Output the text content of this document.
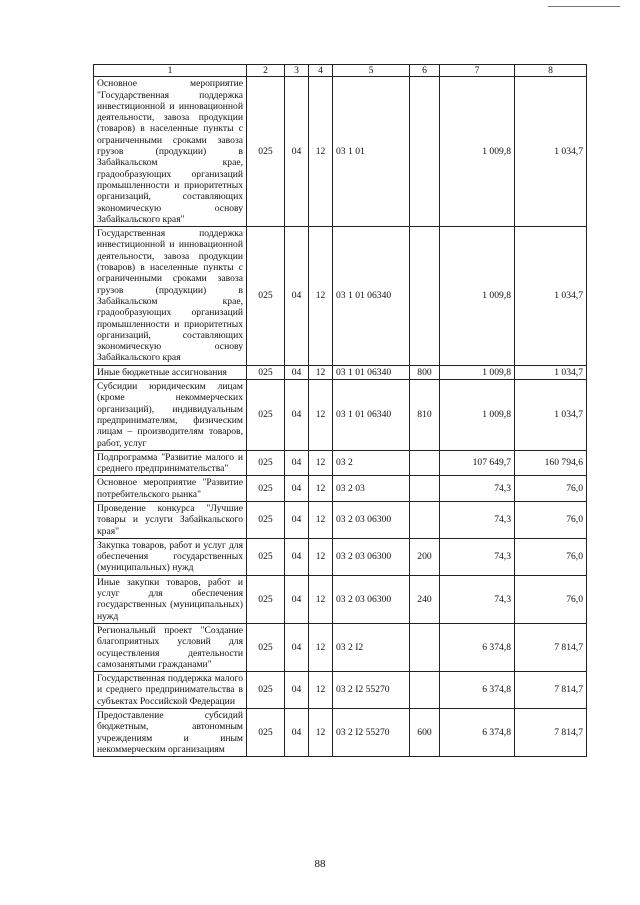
1	2	3	4	5	6	7	8
Основное мероприятие "Государственная поддержка инвестиционной и инновационной деятельности, завоза продукции (товаров) в населенные пункты с ограниченными сроками завоза грузов (продукции) в Забайкальском крае, градообразующих организаций промышленности и приоритетных организаций, составляющих экономическую основу Забайкальского края"	025	04	12	03 1 01		1 009,8	1 034,7
Государственная поддержка инвестиционной и инновационной деятельности, завоза продукции (товаров) в населенные пункты с ограниченными сроками завоза грузов (продукции) в Забайкальском крае, градообразующих организаций промышленности и приоритетных организаций, составляющих экономическую основу Забайкальского края	025	04	12	03 1 01 06340		1 009,8	1 034,7
Иные бюджетные ассигнования	025	04	12	03 1 01 06340	800	1 009,8	1 034,7
Субсидии юридическим лицам (кроме некоммерческих организаций), индивидуальным предпринимателям, физическим лицам – производителям товаров, работ, услуг	025	04	12	03 1 01 06340	810	1 009,8	1 034,7
Подпрограмма "Развитие малого и среднего предпринимательства"	025	04	12	03 2		107 649,7	160 794,6
Основное мероприятие "Развитие потребительского рынка"	025	04	12	03 2 03		74,3	76,0
Проведение конкурса "Лучшие товары и услуги Забайкальского края"	025	04	12	03 2 03 06300		74,3	76,0
Закупка товаров, работ и услуг для обеспечения государственных (муниципальных) нужд	025	04	12	03 2 03 06300	200	74,3	76,0
Иные закупки товаров, работ и услуг для обеспечения государственных (муниципальных) нужд	025	04	12	03 2 03 06300	240	74,3	76,0
Региональный проект "Создание благоприятных условий для осуществления деятельности самозанятыми гражданами"	025	04	12	03 2 I2		6 374,8	7 814,7
Государственная поддержка малого и среднего предпринимательства в субъектах Российской Федерации	025	04	12	03 2 I2 55270		6 374,8	7 814,7
Предоставление субсидий бюджетным, автономным учреждениям и иным некоммерческим организациям	025	04	12	03 2 I2 55270	600	6 374,8	7 814,7
88
